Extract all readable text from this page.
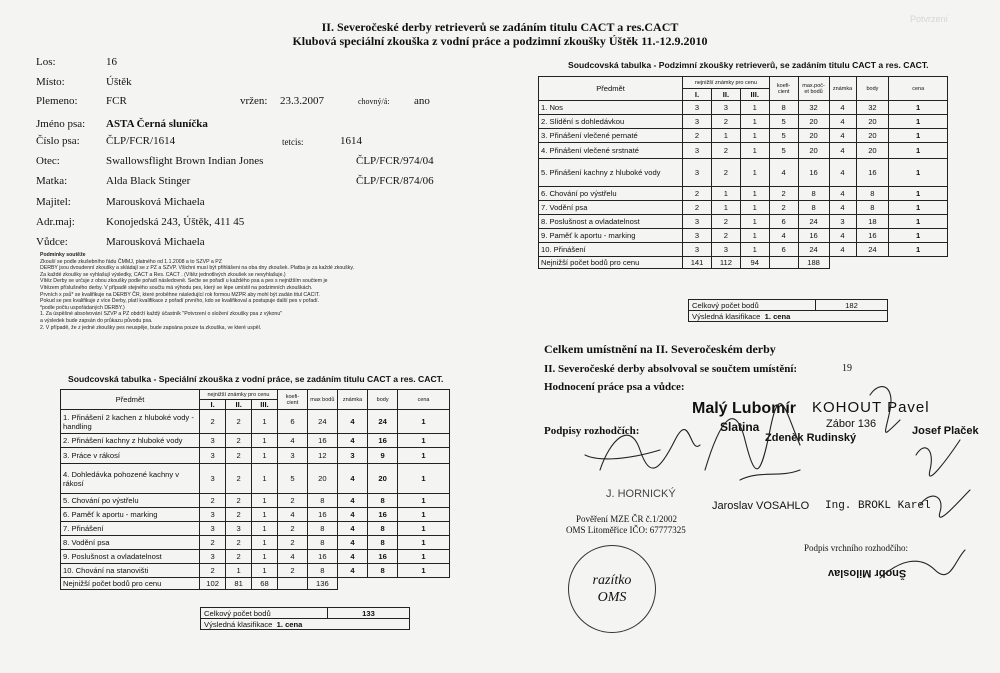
Potvrzení
II. Severočeské derby retrieverů se zadáním titulu CACT a res.CACT
Klubová speciální zkouška z vodní práce a podzimní zkoušky Úštěk 11.-12.9.2010
Los:	16
Místo:	Úštěk
Plemeno:	FCR	vržen: 23.3.2007	chovný/á: ano
Jméno psa:	ASTA Černá sluníčka
Číslo psa:	ČLP/FCR/1614	tetcis:	1614
Otec:	Swallowsflight Brown Indian Jones	ČLP/FCR/974/04
Matka:	Alda Black Stinger	ČLP/FCR/874/06
Majitel:	Marousková Michaela
Adr.maj:	Konojedská 243, Úštěk, 411 45
Vůdce:	Marousková Michaela
Podmínky soutěže
Zkouší se podle zkušebního řádu ČMMJ, platného od 1.1.2008 a to SZVP a PZ
DERBY jsou dvoudenní zkoušky a skládají se z PZ a SZVP. Všichni musí být přihlášeni na oba dny zkoušek. Platba je za každé zkoušky.
Za každé zkoušky se vyhlašují výsledky, CACT a Res. CACT . (Vítěz jednotlivých zkoušek se nevyhlašuje.)
Vítěz Derby se určuje z obou zkoušky podle pořadí následovně. Sečte se pořadí u každého psa a pes s nejnižším součtem je
Vítězem příslušného derby. V případě stejného součtu má výhodu pes, který se lépe umístil na podzimních zkouškách.
Prvních x psů* se kvalifikuje na DERBY ČR, které proběhne následující rok formou MZPR aby mohl být zadán titul CACIT.
Pokud se pes kvalifikuje z více Derby, platí kvalifikace z pořadí prvního, kdo se kvalifikoval a postupuje další pes v pořadí.
*podle počtu uspořádaných DERBY.)
1. Za úspěšné absolvování SZVP a PZ obdrží každý účastník "Potvrzení o složení zkoušky psa z výkonu"
a výsledek bude zapsán do průkazu původu psa.
2. V případě, že z jedné zkoušky pes neuspěje, bude zapsána pouze ta zkouška, ve které uspěl.
Soudcovská tabulka - Speciální zkouška z vodní práce, se zadáním titulu CACT a res. CACT.
Předmět	nejnižší známky pro cenu			koefi-cient	max bodů	známka	body	cena
	I.	II.	III.					
1. Přinášení 2 kachen z hluboké vody -handling	2	2	1	6	24	4	24	1
2. Přinášení kachny z hluboké vody	3	2	1	4	16	4	16	1
3. Práce v rákosí	3	2	1	3	12	3	9	1
4. Dohledávka pohozené kachny v rákosí	3	2	1	5	20	4	20	1
5. Chování po výstřelu	2	2	1	2	8	4	8	1
6. Paměť k aportu - marking	3	2	1	4	16	4	16	1
7. Přinášení	3	3	1	2	8	4	8	1
8. Vodění psa	2	2	1	2	8	4	8	1
9. Poslušnost a ovladatelnost	3	2	1	4	16	4	16	1
10. Chování na stanovišti	2	1	1	2	8	4	8	1
Nejnižší počet bodů pro cenu	102	81	68		136			
Soudcovská tabulka - Podzimní zkoušky retrieverů, se zadáním titulu CACT a res. CACT.
Předmět	nejnižší známky pro cenu			koefi-cient	max.poč-et bodů	známka	body	cena
	I.	II.	III.					
1. Nos	3	3	1	8	32	4	32	1
2. Slídění s dohledávkou	3	2	1	5	20	4	20	1
3. Přinášení vlečené pernaté	2	1	1	5	20	4	20	1
4. Přinášení vlečené srstnaté	3	2	1	5	20	4	20	1
5. Přinášení kachny z hluboké vody	3	2	1	4	16	4	16	1
6. Chování po výstřelu	2	1	1	2	8	4	8	1
7. Vodění psa	2	1	1	2	8	4	8	1
8. Poslušnost a ovladatelnost	3	2	1	6	24	3	18	1
9. Paměť k aportu - marking	3	2	1	4	16	4	16	1
10. Přinášení	3	3	1	6	24	4	24	1
Nejnižší počet bodů pro cenu	141	112	94		188			
Celkový počet bodů	133
Výsledná klasifikace 1. cena
Celkový počet bodů	182
Výsledná klasifikace 1. cena
Celkem umístnění na II. Severočeském derby
II. Severočeské derby absolvoval se součtem umístění:	19
Hodnocení práce psa a vůdce:
Podpisy rozhodčích:
Malý Lubomír KOHOUT Pavel
Slatina	Zábor 136
Zdeněk Rudinský
Josef Plaček
J. HORNICKÝ
Pověření MZE ČR č.1/2002
OMS Litoměřice IČO: 67777325
Jaroslav VOSAHLO Ing. BROKL Karel
Podpis vrchního rozhodčího:
Šnobr Miloslav
razítko
OMS
